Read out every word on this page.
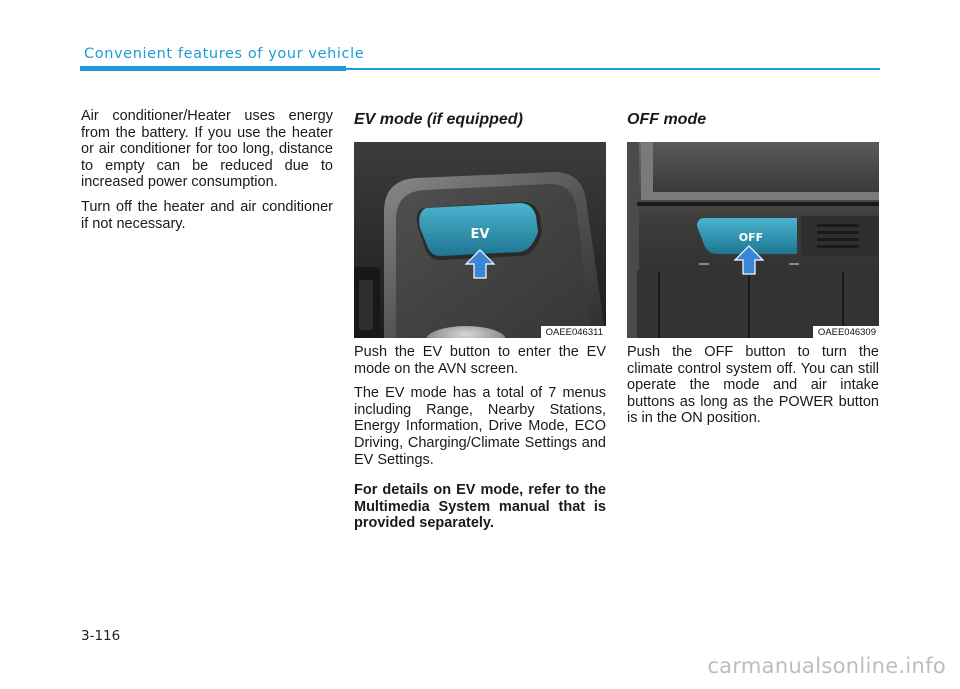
Convenient features of your vehicle

Air conditioner/Heater uses energy from the battery. If you use the heater or air conditioner for too long, distance to empty can be reduced due to increased power consumption.

Turn off the heater and air conditioner if not necessary.

EV mode (if equipped)
EV
OAEE046311

Push the EV button to enter the EV mode on the AVN screen.

The EV mode has a total of 7 menus including Range, Nearby Stations, Energy Information, Drive Mode, ECO Driving, Charging/Climate Settings and EV Settings.

For details on EV mode, refer to the Multimedia System manual that is provided separately.

OFF mode
OFF
OAEE046309

Push the OFF button to turn the climate control system off. You can still operate the mode and air intake buttons as long as the POWER button is in the ON position.

3-116
carmanualsonline.info
